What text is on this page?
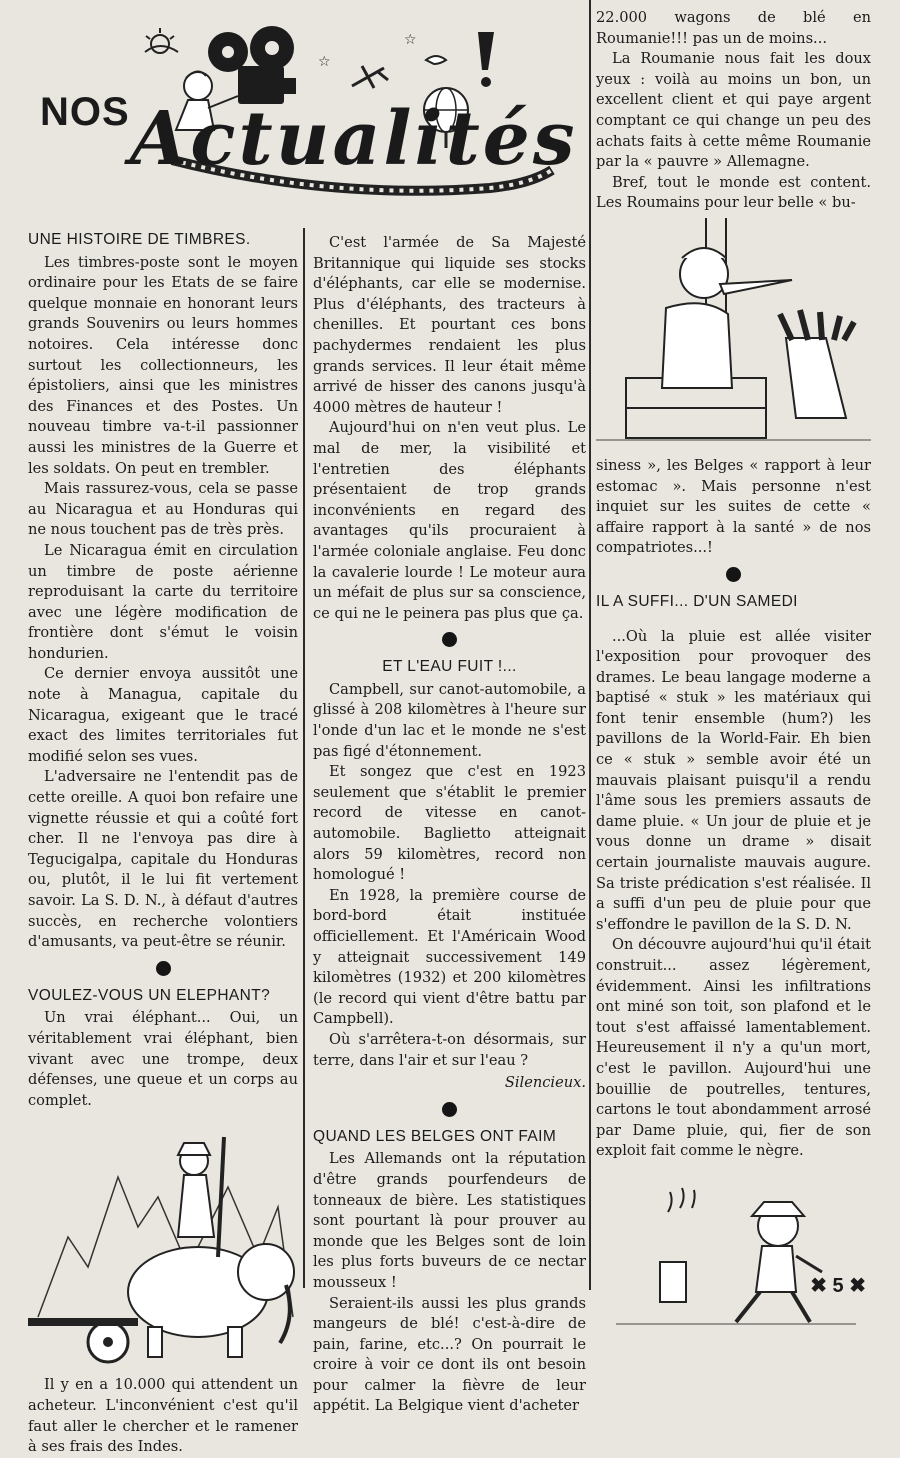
☆
☆
NOS Actualités
UNE HISTOIRE DE TIMBRES.

Les timbres-poste sont le moyen ordinaire pour les Etats de se faire quelque monnaie en honorant leurs grands Souvenirs ou leurs hommes notoires. Cela intéresse donc surtout les collectionneurs, les épistoliers, ainsi que les ministres des Finances et des Postes. Un nouveau timbre va-t-il passionner aussi les ministres de la Guerre et les soldats. On peut en trembler.

Mais rassurez-vous, cela se passe au Nicaragua et au Honduras qui ne nous touchent pas de très près.

Le Nicaragua émit en circulation un timbre de poste aérienne reproduisant la carte du territoire avec une légère modification de frontière dont s'émut le voisin hondurien.

Ce dernier envoya aussitôt une note à Managua, capitale du Nicaragua, exigeant que le tracé exact des limites territoriales fut modifié selon ses vues.

L'adversaire ne l'entendit pas de cette oreille. A quoi bon refaire une vignette réussie et qui a coûté fort cher. Il ne l'envoya pas dire à Tegucigalpa, capitale du Honduras ou, plutôt, il le lui fit vertement savoir. La S. D. N., à défaut d'autres succès, en recherche volontiers d'amusants, va peut-être se réunir.

VOULEZ-VOUS UN ELEPHANT?

Un vrai éléphant... Oui, un véritablement vrai éléphant, bien vivant avec une trompe, deux défenses, une queue et un corps au complet.

Il y en a 10.000 qui attendent un acheteur. L'inconvénient c'est qu'il faut aller le chercher et le ramener à ses frais des Indes.

C'est l'armée de Sa Majesté Britannique qui liquide ses stocks d'éléphants, car elle se modernise. Plus d'éléphants, des tracteurs à chenilles. Et pourtant ces bons pachydermes rendaient les plus grands services. Il leur était même arrivé de hisser des canons jusqu'à 4000 mètres de hauteur !

Aujourd'hui on n'en veut plus. Le mal de mer, la visibilité et l'entretien des éléphants présentaient de trop grands inconvénients en regard des avantages qu'ils procuraient à l'armée coloniale anglaise. Feu donc la cavalerie lourde ! Le moteur aura un méfait de plus sur sa conscience, ce qui ne le peinera pas plus que ça.

ET L'EAU FUIT !...

Campbell, sur canot-automobile, a glissé à 208 kilomètres à l'heure sur l'onde d'un lac et le monde ne s'est pas figé d'étonnement.

Et songez que c'est en 1923 seulement que s'établit le premier record de vitesse en canot-automobile. Baglietto atteignait alors 59 kilomètres, record non homologué !

En 1928, la première course de bord-bord était instituée officiellement. Et l'Américain Wood y atteignait successivement 149 kilomètres (1932) et 200 kilomètres (le record qui vient d'être battu par Campbell).

Où s'arrêtera-t-on désormais, sur terre, dans l'air et sur l'eau ?

Silencieux.

QUAND LES BELGES ONT FAIM

Les Allemands ont la réputation d'être grands pourfendeurs de tonneaux de bière. Les statistiques sont pourtant là pour prouver au monde que les Belges sont de loin les plus forts buveurs de ce nectar mousseux !

Seraient-ils aussi les plus grands mangeurs de blé! c'est-à-dire de pain, farine, etc...? On pourrait le croire à voir ce dont ils ont besoin pour calmer la fièvre de leur appétit. La Belgique vient d'acheter

22.000 wagons de blé en Roumanie!!! pas un de moins...

La Roumanie nous fait les doux yeux : voilà au moins un bon, un excellent client et qui paye argent comptant ce qui change un peu des achats faits à cette même Roumanie par la « pauvre » Allemagne.

Bref, tout le monde est content. Les Roumains pour leur belle « bu-

siness », les Belges « rapport à leur estomac ». Mais personne n'est inquiet sur les suites de cette « affaire rapport à la santé » de nos compatriotes...!

IL A SUFFI... D'UN SAMEDI

...Où la pluie est allée visiter l'exposition pour provoquer des drames. Le beau langage moderne a baptisé « stuk » les matériaux qui font tenir ensemble (hum?) les pavillons de la World-Fair. Eh bien ce « stuk » semble avoir été un mauvais plaisant puisqu'il a rendu l'âme sous les premiers assauts de dame pluie. « Un jour de pluie et je vous donne un drame » disait certain journaliste mauvais augure. Sa triste prédication s'est réalisée. Il a suffi d'un peu de pluie pour que s'effondre le pavillon de la S. D. N.

On découvre aujourd'hui qu'il était construit... assez légèrement, évidemment. Ainsi les infiltrations ont miné son toit, son plafond et le tout s'est affaissé lamentablement. Heureusement il n'y a qu'un mort, c'est le pavillon. Aujourd'hui une bouillie de poutrelles, tentures, cartons le tout abondamment arrosé par Dame pluie, qui, fier de son exploit fait comme le nègre.

✖ 5 ✖
